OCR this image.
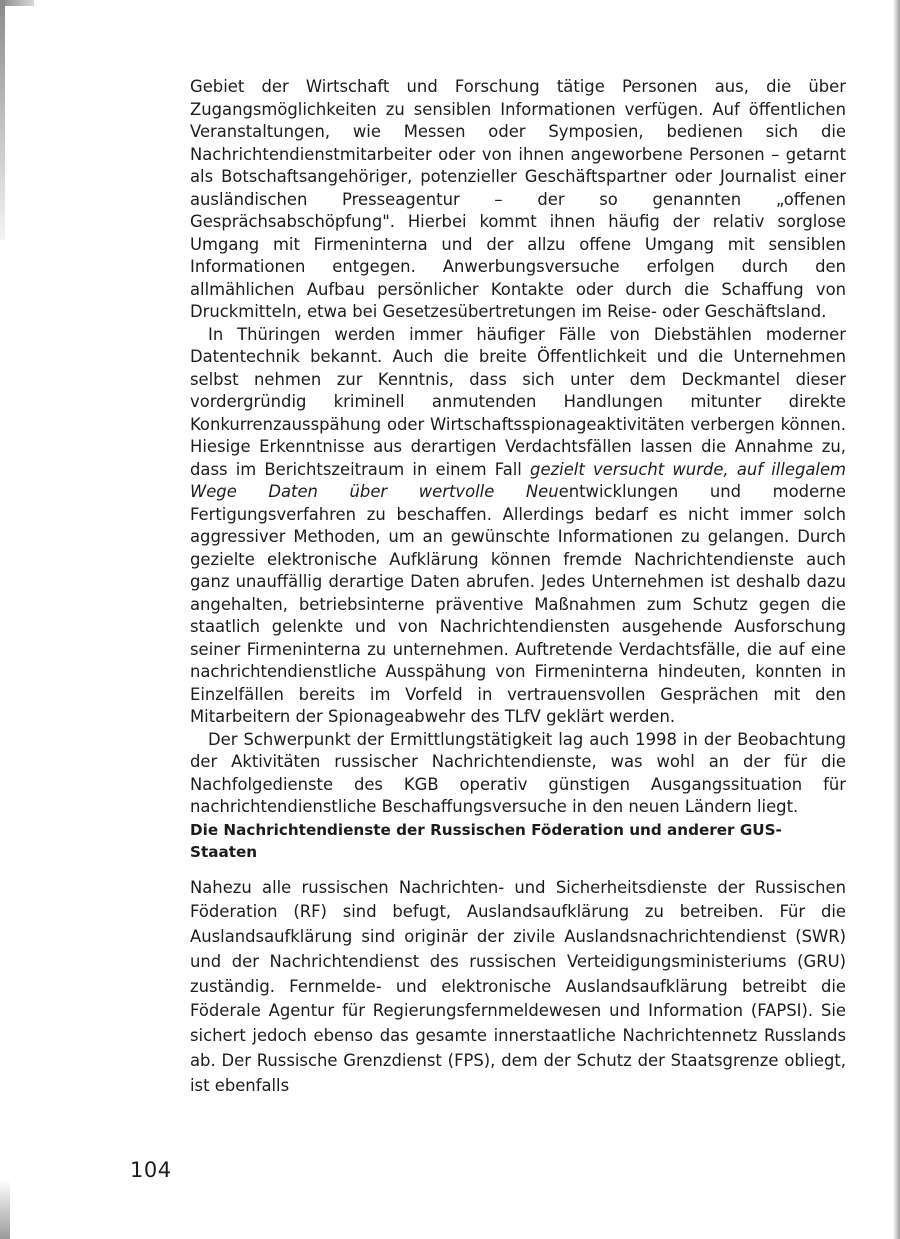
Gebiet der Wirtschaft und Forschung tätige Personen aus, die über Zugangsmöglichkeiten zu sensiblen Informationen verfügen. Auf öffentlichen Veranstaltungen, wie Messen oder Symposien, bedienen sich die Nachrichtendienstmitarbeiter oder von ihnen angeworbene Personen – getarnt als Botschaftsangehöriger, potenzieller Geschäftspartner oder Journalist einer ausländischen Presseagentur – der so genannten „offenen Gesprächsabschöpfung". Hierbei kommt ihnen häufig der relativ sorglose Umgang mit Firmeninterna und der allzu offene Umgang mit sensiblen Informationen entgegen. Anwerbungsversuche erfolgen durch den allmählichen Aufbau persönlicher Kontakte oder durch die Schaffung von Druckmitteln, etwa bei Gesetzesübertretungen im Reise- oder Geschäftsland.

In Thüringen werden immer häufiger Fälle von Diebstählen moderner Datentechnik bekannt. Auch die breite Öffentlichkeit und die Unternehmen selbst nehmen zur Kenntnis, dass sich unter dem Deckmantel dieser vordergründig kriminell anmutenden Handlungen mitunter direkte Konkurrenzausspähung oder Wirtschaftsspionageaktivitäten verbergen können. Hiesige Erkenntnisse aus derartigen Verdachtsfällen lassen die Annahme zu, dass im Berichtszeitraum in einem Fall gezielt versucht wurde, auf illegalem Wege Daten über wertvolle Neuentwicklungen und moderne Fertigungsverfahren zu beschaffen. Allerdings bedarf es nicht immer solch aggressiver Methoden, um an gewünschte Informationen zu gelangen. Durch gezielte elektronische Aufklärung können fremde Nachrichtendienste auch ganz unauffällig derartige Daten abrufen. Jedes Unternehmen ist deshalb dazu angehalten, betriebsinterne präventive Maßnahmen zum Schutz gegen die staatlich gelenkte und von Nachrichtendiensten ausgehende Ausforschung seiner Firmeninterna zu unternehmen. Auftretende Verdachtsfälle, die auf eine nachrichtendienstliche Ausspähung von Firmeninterna hindeuten, konnten in Einzelfällen bereits im Vorfeld in vertrauensvollen Gesprächen mit den Mitarbeitern der Spionageabwehr des TLfV geklärt werden.

Der Schwerpunkt der Ermittlungstätigkeit lag auch 1998 in der Beobachtung der Aktivitäten russischer Nachrichtendienste, was wohl an der für die Nachfolgedienste des KGB operativ günstigen Ausgangssituation für nachrichtendienstliche Beschaffungsversuche in den neuen Ländern liegt.

Die Nachrichtendienste der Russischen Föderation und anderer GUS-Staaten

Nahezu alle russischen Nachrichten- und Sicherheitsdienste der Russischen Föderation (RF) sind befugt, Auslandsaufklärung zu betreiben. Für die Auslandsaufklärung sind originär der zivile Auslandsnachrichtendienst (SWR) und der Nachrichtendienst des russischen Verteidigungsministeriums (GRU) zuständig. Fernmelde- und elektronische Auslandsaufklärung betreibt die Föderale Agentur für Regierungsfernmeldewesen und Information (FAPSI). Sie sichert jedoch ebenso das gesamte innerstaatliche Nachrichtennetz Russlands ab. Der Russische Grenzdienst (FPS), dem der Schutz der Staatsgrenze obliegt, ist ebenfalls

104
